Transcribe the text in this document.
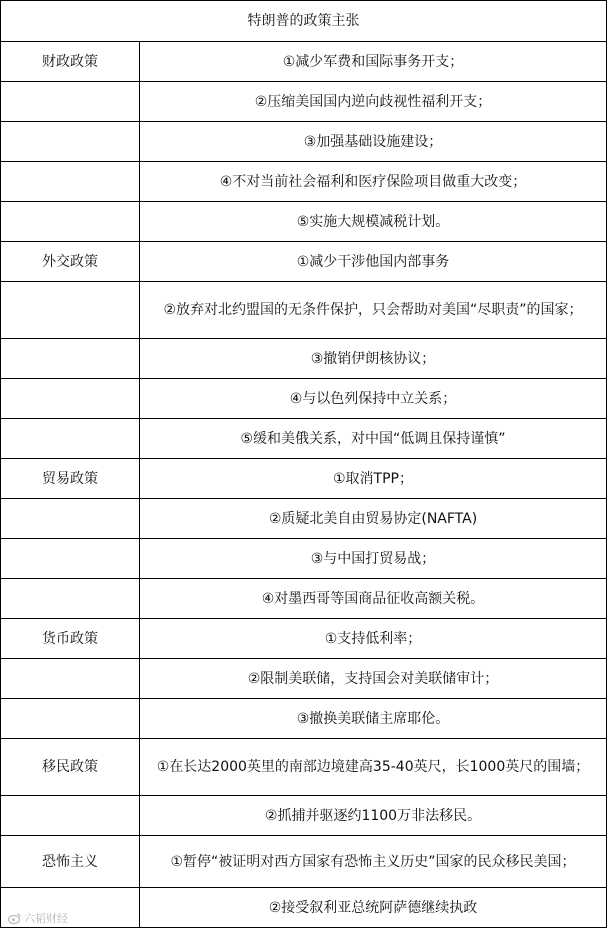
特朗普的政策主张	
财政政策	①减少军费和国际事务开支；
	②压缩美国国内逆向歧视性福利开支；
	③加强基础设施建设；
	④不对当前社会福利和医疗保险项目做重大改变；
	⑤实施大规模减税计划。
外交政策	①减少干涉他国内部事务
	②放弃对北约盟国的无条件保护，只会帮助对美国“尽职责”的国家；
	③撤销伊朗核协议；
	④与以色列保持中立关系；
	⑤缓和美俄关系，对中国“低调且保持谨慎”
贸易政策	①取消TPP；
	②质疑北美自由贸易协定(NAFTA)
	③与中国打贸易战；
	④对墨西哥等国商品征收高额关税。
货币政策	①支持低利率；
	②限制美联储，支持国会对美联储审计；
	③撤换美联储主席耶伦。
移民政策	①在长达2000英里的南部边境建高35-40英尺，长1000英尺的围墙；
	②抓捕并驱逐约1100万非法移民。
恐怖主义	①暂停“被证明对西方国家有恐怖主义历史”国家的民众移民美国；
	②接受叙利亚总统阿萨德继续执政
六韬财经
